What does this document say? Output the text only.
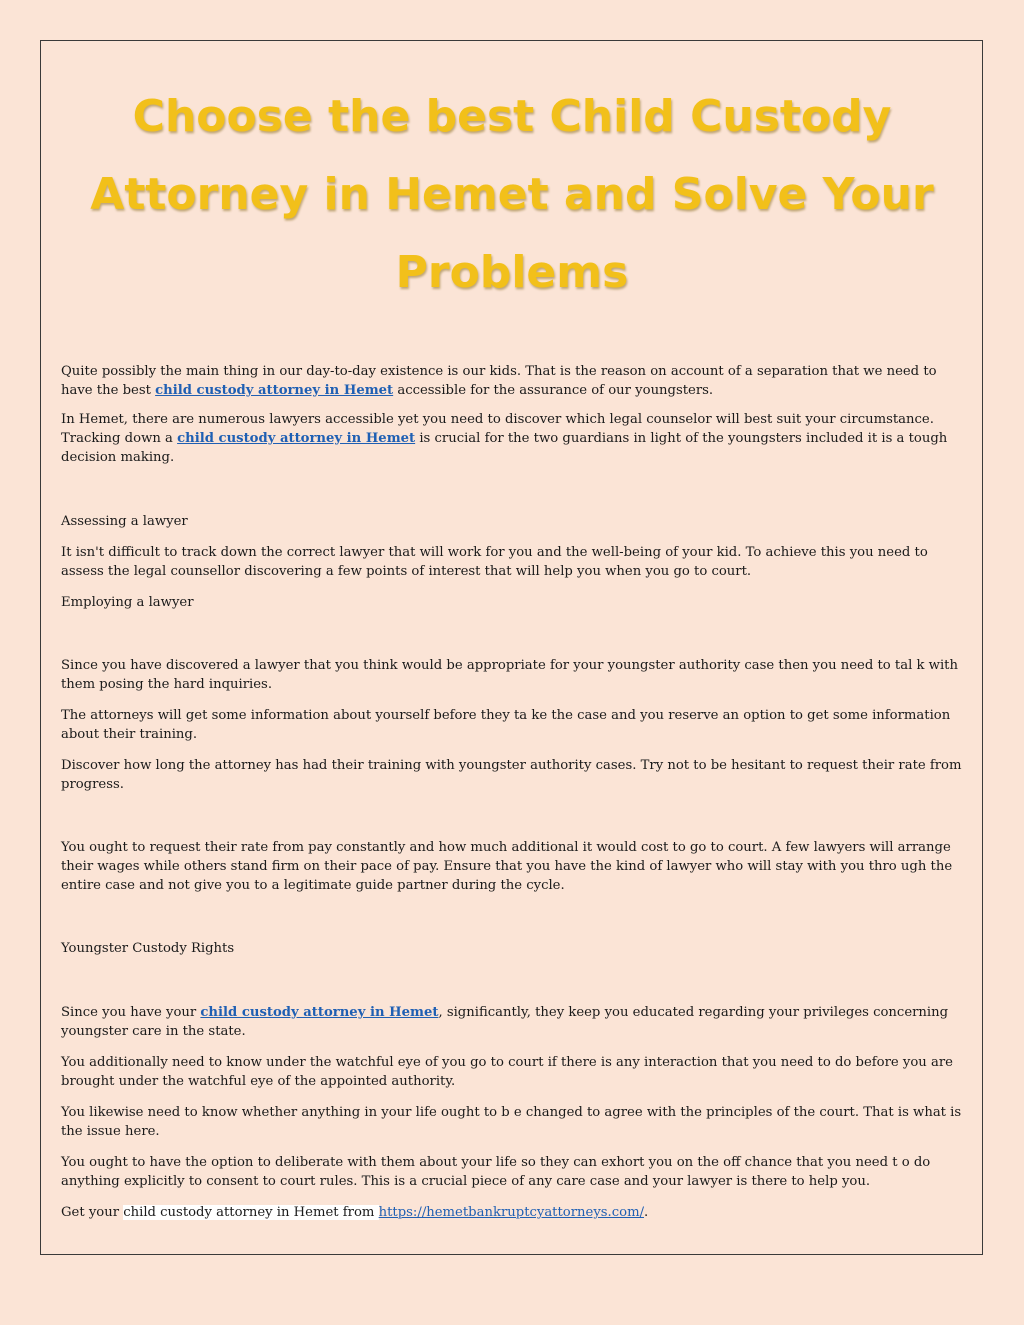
Choose the best Child Custody Attorney in Hemet and Solve Your Problems

Quite possibly the main thing in our day-to-day existence is our kids. That is the reason on account of a separation that we need to have the best child custody attorney in Hemet accessible for the assurance of our youngsters.

In Hemet, there are numerous lawyers accessible yet you need to discover which legal counselor will best suit your circumstance. Tracking down a child custody attorney in Hemet is crucial for the two guardians in light of the youngsters included it is a tough decision making.

Assessing a lawyer

It isn't difficult to track down the correct lawyer that will work for you and the well-being of your kid. To achieve this you need to assess the legal counsellor discovering a few points of interest that will help you when you go to court.

Employing a lawyer

Since you have discovered a lawyer that you think would be appropriate for your youngster authority case then you need to tal k with them posing the hard inquiries.

The attorneys will get some information about yourself before they ta ke the case and you reserve an option to get some information about their training.

Discover how long the attorney has had their training with youngster authority cases. Try not to be hesitant to request their rate from progress.

You ought to request their rate from pay constantly and how much additional it would cost to go to court. A few lawyers will arrange their wages while others stand firm on their pace of pay. Ensure that you have the kind of lawyer who will stay with you thro ugh the entire case and not give you to a legitimate guide partner during the cycle.

Youngster Custody Rights

Since you have your child custody attorney in Hemet, significantly, they keep you educated regarding your privileges concerning youngster care in the state.

You additionally need to know under the watchful eye of you go to court if there is any interaction that you need to do before you are brought under the watchful eye of the appointed authority.

You likewise need to know whether anything in your life ought to b e changed to agree with the principles of the court. That is what is the issue here.

You ought to have the option to deliberate with them about your life so they can exhort you on the off chance that you need t o do anything explicitly to consent to court rules. This is a crucial piece of any care case and your lawyer is there to help you.

Get your child custody attorney in Hemet from https://hemetbankruptcyattorneys.com/.
